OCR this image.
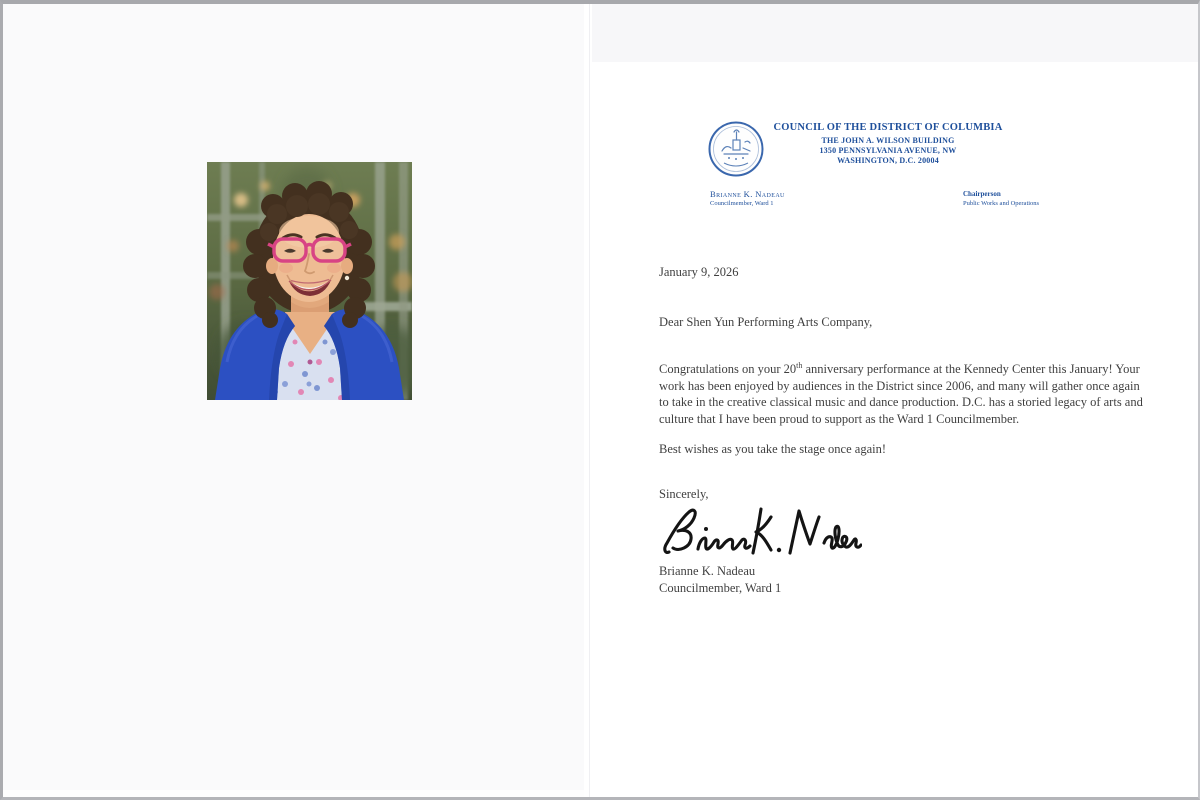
COUNCIL OF THE DISTRICT OF COLUMBIA
THE JOHN A. WILSON BUILDING
1350 PENNSYLVANIA AVENUE, NW
WASHINGTON, D.C. 20004
Brianne K. Nadeau
Councilmember, Ward 1
Chairperson
Public Works and Operations
January 9, 2026
Dear Shen Yun Performing Arts Company,
Congratulations on your 20th anniversary performance at the Kennedy Center this January! Your work has been enjoyed by audiences in the District since 2006, and many will gather once again to take in the creative classical music and dance production. D.C. has a storied legacy of arts and culture that I have been proud to support as the Ward 1 Councilmember.
Best wishes as you take the stage once again!
Sincerely,
Brianne K. Nadeau
Councilmember, Ward 1
